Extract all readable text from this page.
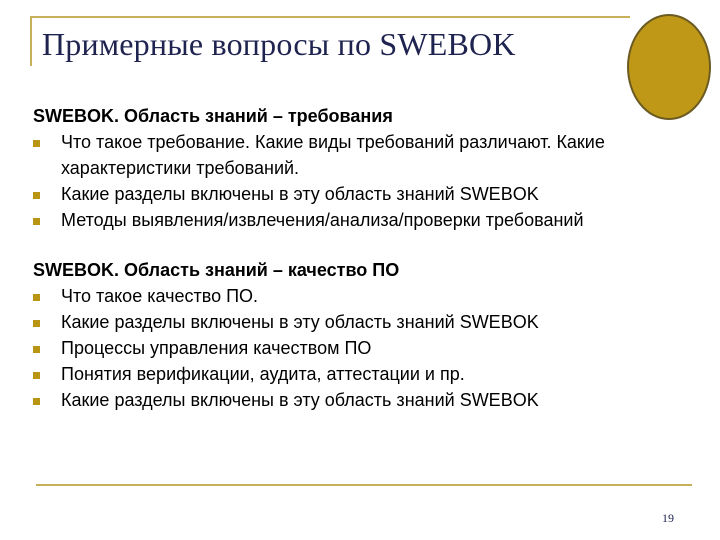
Примерные вопросы по SWEBOK
SWEBOK. Область знаний – требования
Что такое требование. Какие виды требований различают. Какие характеристики требований.
Какие разделы включены в эту область знаний SWEBOK
Методы выявления/извлечения/анализа/проверки требований
SWEBOK. Область знаний – качество ПО
Что такое качество ПО.
Какие разделы включены в эту область знаний SWEBOK
Процессы управления качеством ПО
Понятия верификации, аудита, аттестации и пр.
Какие разделы включены в эту область знаний SWEBOK
19
